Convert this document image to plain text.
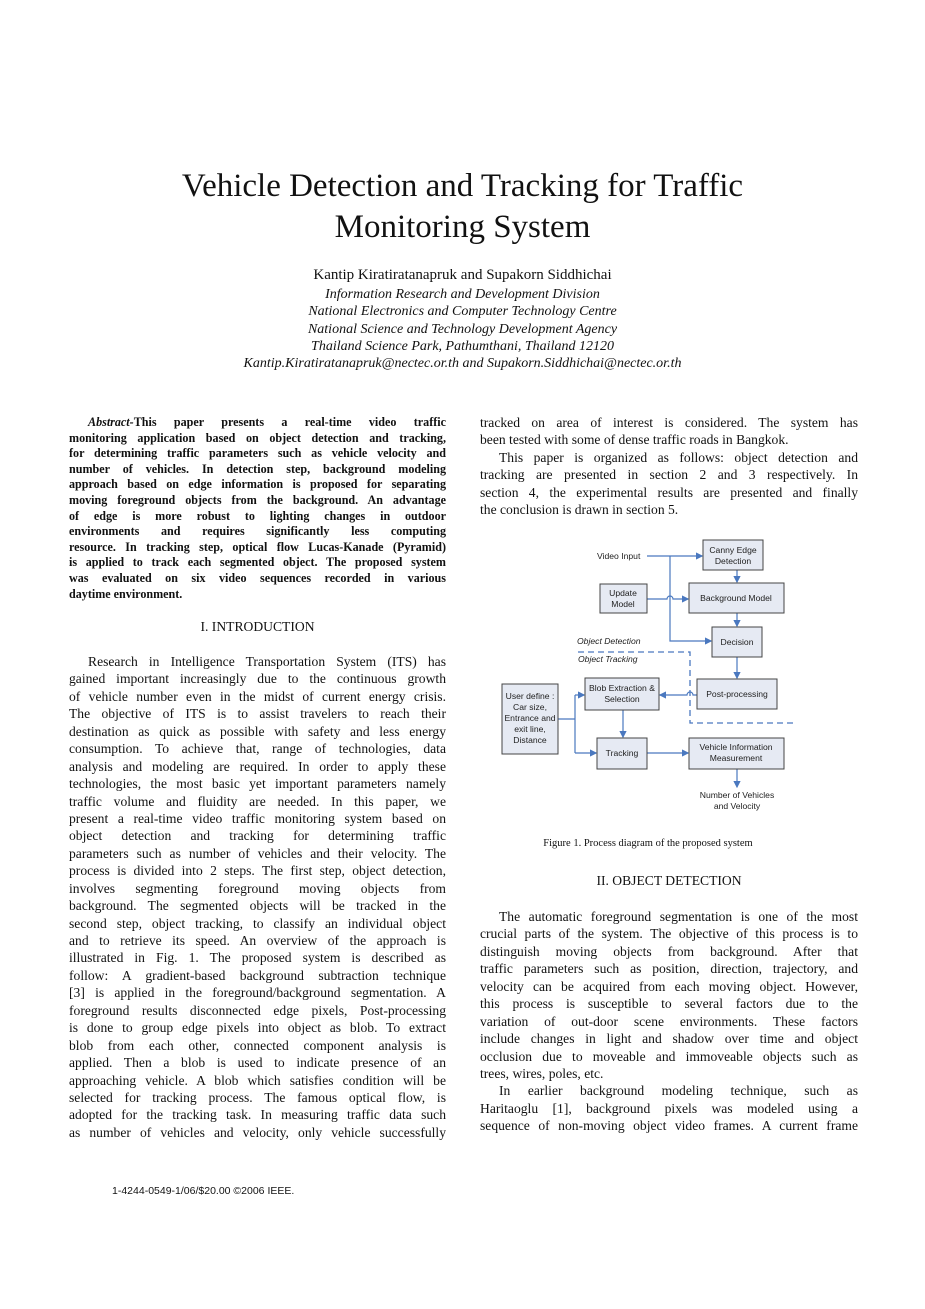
Vehicle Detection and Tracking for Traffic
Monitoring System
Kantip Kiratiratanapruk and Supakorn Siddhichai
Information Research and Development Division
National Electronics and Computer Technology Centre
National Science and Technology Development Agency
Thailand Science Park, Pathumthani, Thailand 12120
Kantip.Kiratiratanapruk@nectec.or.th and Supakorn.Siddhichai@nectec.or.th
Abstract-This paper presents a real-time video traffic
monitoring application based on object detection and tracking,
for determining traffic parameters such as vehicle velocity and
number of vehicles. In detection step, background modeling
approach based on edge information is proposed for separating
moving foreground objects from the background. An advantage
of edge is more robust to lighting changes in outdoor
environments and requires significantly less computing
resource. In tracking step, optical flow Lucas-Kanade (Pyramid)
is applied to track each segmented object. The proposed system
was evaluated on six video sequences recorded in various
daytime environment.
I. INTRODUCTION
Research in Intelligence Transportation System (ITS) has
gained important increasingly due to the continuous growth
of vehicle number even in the midst of current energy crisis.
The objective of ITS is to assist travelers to reach their
destination as quick as possible with safety and less energy
consumption. To achieve that, range of technologies, data
analysis and modeling are required. In order to apply these
technologies, the most basic yet important parameters namely
traffic volume and fluidity are needed. In this paper, we
present a real-time video traffic monitoring system based on
object detection and tracking for determining traffic
parameters such as number of vehicles and their velocity. The
process is divided into 2 steps. The first step, object detection,
involves segmenting foreground moving objects from
background. The segmented objects will be tracked in the
second step, object tracking, to classify an individual object
and to retrieve its speed. An overview of the approach is
illustrated in Fig. 1. The proposed system is described as
follow: A gradient-based background subtraction technique
[3] is applied in the foreground/background segmentation. A
foreground results disconnected edge pixels, Post-processing
is done to group edge pixels into object as blob. To extract
blob from each other, connected component analysis is
applied. Then a blob is used to indicate presence of an
approaching vehicle. A blob which satisfies condition will be
selected for tracking process. The famous optical flow, is
adopted for the tracking task. In measuring traffic data such
as number of vehicles and velocity, only vehicle successfully
tracked on area of interest is considered. The system has
been tested with some of dense traffic roads in Bangkok.
This paper is organized as follows: object detection and
tracking are presented in section 2 and 3 respectively. In
section 4, the experimental results are presented and finally
the conclusion is drawn in section 5.
Video Input
Canny Edge
Detection
Update
Model
Background Model
Decision
Object Detection
Object Tracking
Post-processing
Blob Extraction &
Selection
User define :
Car size,
Entrance and
exit line,
Distance
Tracking
Vehicle Information
Measurement
Number of Vehicles
and Velocity
Figure 1. Process diagram of the proposed system
II. OBJECT DETECTION
The automatic foreground segmentation is one of the most
crucial parts of the system. The objective of this process is to
distinguish moving objects from background. After that
traffic parameters such as position, direction, trajectory, and
velocity can be acquired from each moving object. However,
this process is susceptible to several factors due to the
variation of out-door scene environments. These factors
include changes in light and shadow over time and object
occlusion due to moveable and immoveable objects such as
trees, wires, poles, etc.
In earlier background modeling technique, such as
Haritaoglu [1], background pixels was modeled using a
sequence of non-moving object video frames. A current frame
1-4244-0549-1/06/$20.00 ©2006 IEEE.
